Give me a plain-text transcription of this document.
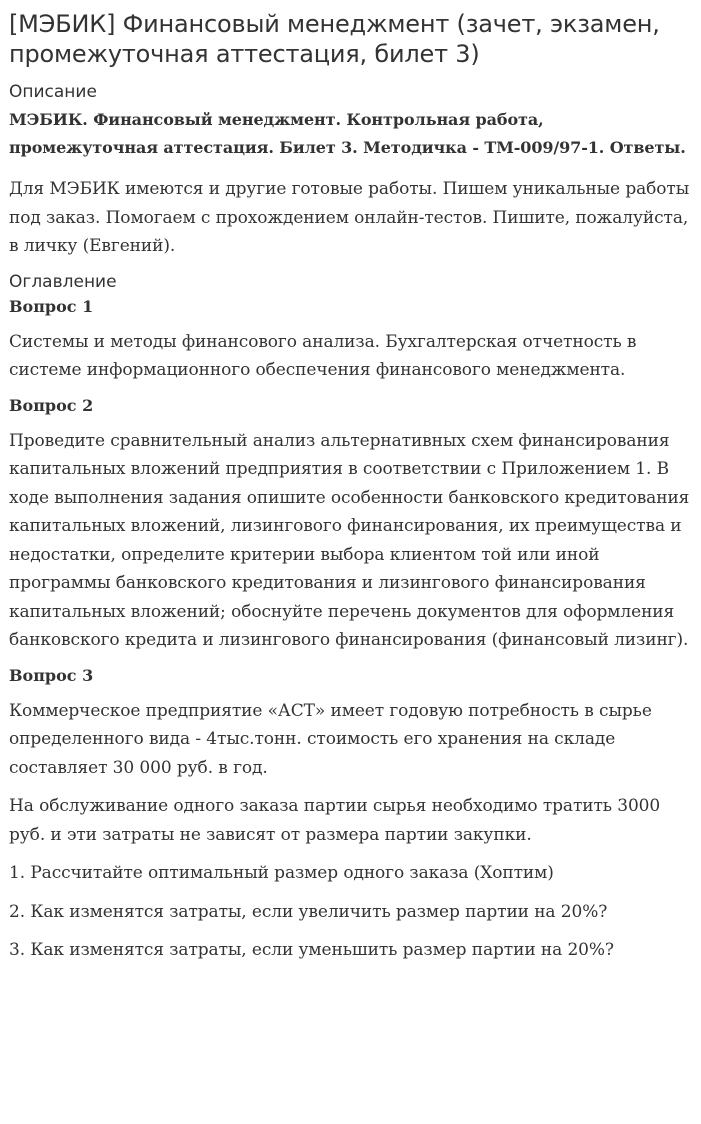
[МЭБИК] Финансовый менеджмент (зачет, экзамен, промежуточная аттестация, билет 3)
Описание
МЭБИК. Финансовый менеджмент. Контрольная работа, промежуточная аттестация. Билет 3. Методичка - ТМ-009/97-1. Ответы.

Для МЭБИК имеются и другие готовые работы. Пишем уникальные работы под заказ. Помогаем с прохождением онлайн-тестов. Пишите, пожалуйста, в личку (Евгений).

Оглавление
Вопрос 1

Системы и методы финансового анализа. Бухгалтерская отчетность в системе информационного обеспечения финансового менеджмента.

Вопрос 2

Проведите сравнительный анализ альтернативных схем финансирования капитальных вложений предприятия в соответствии с Приложением 1. В ходе выполнения задания опишите особенности банковского кредитования капитальных вложений, лизингового финансирования, их преимущества и недостатки, определите критерии выбора клиентом той или иной программы банковского кредитования и лизингового финансирования капитальных вложений; обоснуйте перечень документов для оформления банковского кредита и лизингового финансирования (финансовый лизинг).

Вопрос 3

Коммерческое предприятие «АСТ» имеет годовую потребность в сырье определенного вида - 4тыс.тонн. стоимость его хранения на складе составляет 30 000 руб. в год.

На обслуживание одного заказа партии сырья необходимо тратить 3000 руб. и эти затраты не зависят от размера партии закупки.

1. Рассчитайте оптимальный размер одного заказа (Хоптим)

2. Как изменятся затраты, если увеличить размер партии на 20%?

3. Как изменятся затраты, если уменьшить размер партии на 20%?
